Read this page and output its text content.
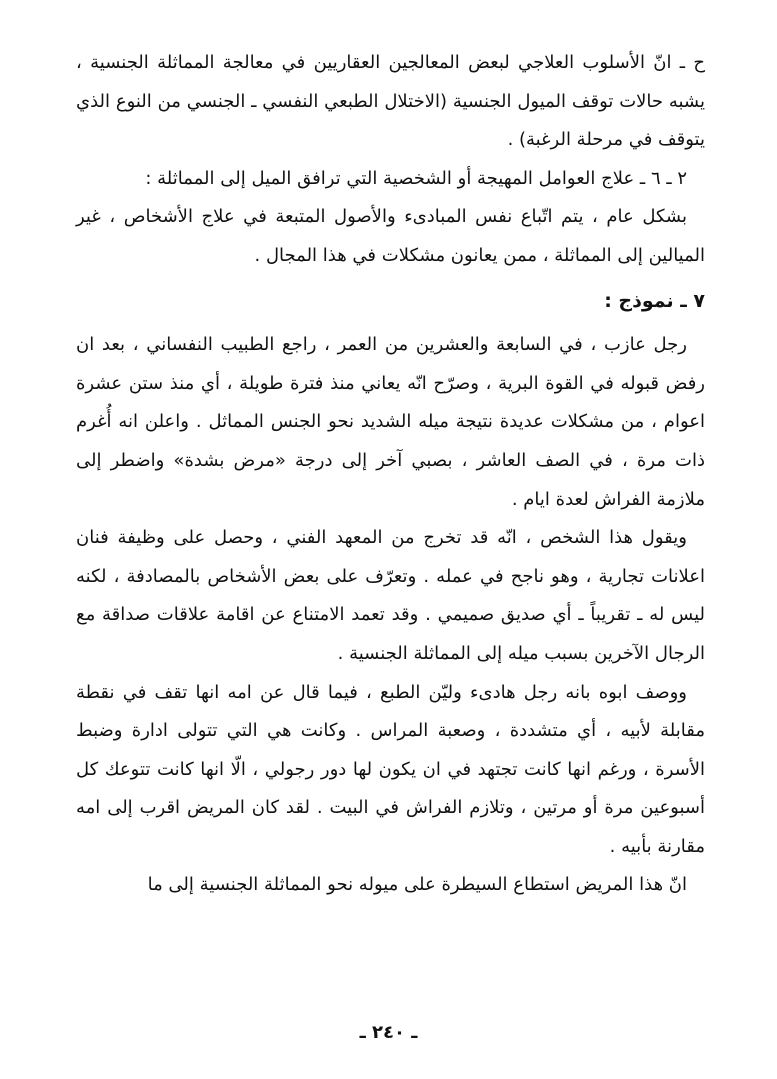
ح ـ انّ الأسلوب العلاجي لبعض المعالجين العقاريين في معالجة المماثلة الجنسية ، يشبه حالات توقف الميول الجنسية (الاختلال الطبعي النفسي ـ الجنسي من النوع الذي يتوقف في مرحلة الرغبة) .

٢ ـ ٦ ـ علاج العوامل المهيجة أو الشخصية التي ترافق الميل إلى المماثلة :

بشكل عام ، يتم اتّباع نفس المبادىء والأصول المتبعة في علاج الأشخاص ، غير الميالين إلى المماثلة ، ممن يعانون مشكلات في هذا المجال .

٧ ـ نموذج :

رجل عازب ، في السابعة والعشرين من العمر ، راجع الطبيب النفساني ، بعد ان رفض قبوله في القوة البرية ، وصرّح انّه يعاني منذ فترة طويلة ، أي منذ ستن عشرة اعوام ، من مشكلات عديدة نتيجة ميله الشديد نحو الجنس المماثل . واعلن انه أُغرم ذات مرة ، في الصف العاشر ، بصبي آخر إلى درجة «مرض بشدة» واضطر إلى ملازمة الفراش لعدة ايام .

ويقول هذا الشخص ، انّه قد تخرج من المعهد الفني ، وحصل على وظيفة فنان اعلانات تجارية ، وهو ناجح في عمله . وتعرّف على بعض الأشخاص بالمصادفة ، لكنه ليس له ـ تقريباً ـ أي صديق صميمي . وقد تعمد الامتناع عن اقامة علاقات صداقة مع الرجال الآخرين بسبب ميله إلى المماثلة الجنسية .

ووصف ابوه بانه رجل هادىء وليّن الطبع ، فيما قال عن امه انها تقف في نقطة مقابلة لأبيه ، أي متشددة ، وصعبة المراس . وكانت هي التي تتولى ادارة وضبط الأسرة ، ورغم انها كانت تجتهد في ان يكون لها دور رجولي ، الّا انها كانت تتوعك كل أسبوعين مرة أو مرتين ، وتلازم الفراش في البيت . لقد كان المريض اقرب إلى امه مقارنة بأبيه .

انّ هذا المريض استطاع السيطرة على ميوله نحو المماثلة الجنسية إلى ما

ـ ٢٤٠ ـ
